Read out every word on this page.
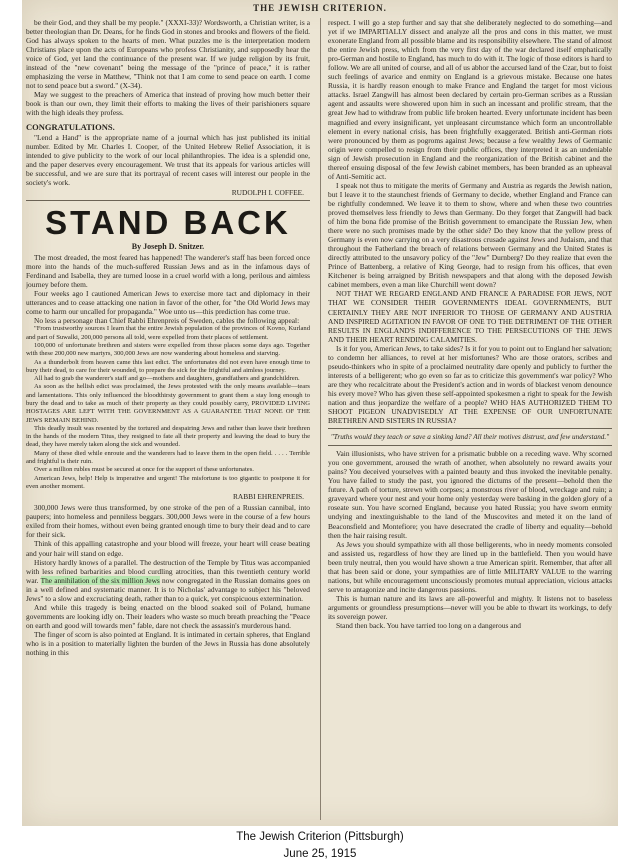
THE JEWISH CRITERION.

be their God, and they shall be my people." (XXXI-33)? Wordsworth, a Christian writer, is a better theologian than Dr. Deans, for he finds God in stones and brooks and flowers of the field. God has always spoken to the hearts of men. What puzzles me is the interpretation modern Christians place upon the acts of Europeans who profess Christianity, and supposedly hear the voice of God, yet land the continuance of the present war. If we judge religion by its fruit, instead of the "new covenant" being the message of the "prince of peace," it is rather emphasizing the verse in Matthew, "Think not that I am come to send peace on earth. I come not to send peace but a sword." (X-34).

May we suggest to the preachers of America that instead of proving how much better their book is than our own, they limit their efforts to making the lives of their parishioners square with the high ideals they profess.

CONGRATULATIONS.

"Lend a Hand" is the appropriate name of a journal which has just published its initial number. Edited by Mr. Charles I. Cooper, of the United Hebrew Relief Association, it is intended to give publicity to the work of our local philanthropies. The idea is a splendid one, and the paper deserves every encouragement. We trust that its appeals for various articles will be successful, and we are sure that its portrayal of recent cases will interest our people in the society's work.

RUDOLPH I. COFFEE.

STAND BACK

By Joseph D. Snitzer.

The most dreaded, the most feared has happened! The wanderer's staff has been forced once more into the hands of the much-suffered Russian Jews and as in the infamous days of Ferdinand and Isabella, they are turned loose in a cruel world with a long, perilous and aimless journey before them.

Four weeks ago I cautioned American Jews to exercise more tact and diplomacy in their utterances and to cease attacking one nation in favor of the other, for "the Old World Jews may come to harm our uncalled for propaganda." Woe unto us—this prediction has come true.

No less a personage than Chief Rabbi Ehrenpreis of Sweden, cables the following appeal:

"From trustworthy sources I learn that the entire Jewish population of the provinces of Kovno, Kurland and part of Suwalki, 200,000 persons all told, were expelled from their places of settlement.

100,000 of unfortunate brethren and sisters were expelled from those places some days ago. Together with these 200,000 new martyrs, 300,000 Jews are now wandering about homeless and starving.

As a thunderbolt from heaven came this last edict. The unfortunates did not even have enough time to bury their dead, to care for their wounded, to prepare the sick for the frightful and aimless journey.

All had to grab the wanderer's staff and go—mothers and daughters, grandfathers and grandchildren.

As soon as the hellish edict was proclaimed, the Jews protested with the only means available—tears and lamentations. This only influenced the bloodthirsty government to grant them a stay long enough to bury the dead and to take as much of their property as they could possibly carry, PROVIDED LIVING HOSTAGES ARE LEFT WITH THE GOVERNMENT AS A GUARANTEE THAT NONE OF THE JEWS REMAIN BEHIND.

This deadly insult was resented by the tortured and despairing Jews and rather than leave their brethren in the hands of the modern Titus, they resigned to fate all their property and leaving the dead to bury the dead, they have merely taken along the sick and wounded.

Many of these died while enroute and the wanderers had to leave them in the open field. . . . . Terrible and frightful is their ruin.

Over a million rubles must be secured at once for the support of these unfortunates.

American Jews, help! Help is imperative and urgent! The misfortune is too gigantic to postpone it for even another moment.

RABBI EHRENPREIS.

300,000 Jews were thus transformed, by one stroke of the pen of a Russian cannibal, into paupers; into homeless and penniless beggars. 300,000 Jews were in the course of a few hours exiled from their homes, without even being granted enough time to bury their dead and to care for their sick.

Think of this appalling catastrophe and your blood will freeze, your heart will cease beating and your hair will stand on edge.

History hardly knows of a parallel. The destruction of the Temple by Titus was accompanied with less refined barbarities and blood curdling atrocities, than this twentieth century world war. The annihilation of the six million Jews now congregated in the Russian domains goes on in a well defined and systematic manner. It is to Nicholas' advantage to subject his "beloved Jews" to a slow and excruciating death, rather than to a quick, yet conspicuous extermination.

And while this tragedy is being enacted on the blood soaked soil of Poland, humane governments are looking idly on. Their leaders who waste so much breath preaching the "Peace on earth and good will towards men" fable, dare not check the assassin's murderous hand.

The finger of scorn is also pointed at England. It is intimated in certain spheres, that England who is in a position to materially lighten the burden of the Jews in Russia has done absolutely nothing in this

respect. I will go a step further and say that she deliberately neglected to do something—and yet if we IMPARTIALLY dissect and analyze all the pros and cons in this matter, we must exonerate England from all possible blame and its responsibility elsewhere. The stand of almost the entire Jewish press, which from the very first day of the war declared itself emphatically pro-German and hostile to England, has much to do with it. The logic of those editors is hard to follow. We are all united of course, and all of us abhor the accursed land of the Czar, but to foist such feelings of avarice and enmity on England is a grievous mistake. Because one hates Russia, it is hardly reason enough to make France and England the target for most vicious attacks. Israel Zangwill has almost been declared by certain pro-German scribes as a Russian agent and assaults were showered upon him in such an incessant and prolific stream, that the great Jew had to withdraw from public life broken hearted. Every unfortunate incident has been magnified and every insignificant, yet unpleasant circumstance which form an uncontrollable element in every national crisis, has been frightfully exaggerated. British anti-German riots were pronounced by them as pogroms against Jews; because a few wealthy Jews of Germanic origin were compelled to resign from their public offices, they interpreted it as an undeniable sign of Jewish prosecution in England and the reorganization of the British cabinet and the thereof ensuing disposal of the few Jewish cabinet members, has been branded as an upheaval of Anti-Semitic act.

I speak not thus to mitigate the merits of Germany and Austria as regards the Jewish nation, but I leave it to the staunchest friends of Germany to decide, whether England and France can be rightfully condemned. We leave it to them to show, where and when these two countries proved themselves less friendly to Jews than Germany. Do they forget that Zangwill had back of him the bona fide promise of the British government to emancipate the Russian Jew, when there were no such promises made by the other side? Do they know that the yellow press of Germany is even now carrying on a very disastrous crusade against Jews and Judaism, and that throughout the Fatherland the breach of relations between Germany and the United States is directly attributed to the unsavory policy of the "Jew" Durnberg? Do they realize that even the Prince of Battenberg, a relative of King George, had to resign from his offices, that even Kitchener is being arraigned by British newspapers and that along with the deposed Jewish cabinet members, even a man like Churchill went down?

NOT THAT WE REGARD ENGLAND AND FRANCE A PARADISE FOR JEWS, NOT THAT WE CONSIDER THEIR GOVERNMENTS IDEAL GOVERNMENTS, BUT CERTAINLY THEY ARE NOT INFERIOR TO THOSE OF GERMANY AND AUSTRIA AND INSPIRED AGITATION IN FAVOR OF ONE TO THE DETRIMENT OF THE OTHER RESULTS IN ENGLAND'S INDIFFERENCE TO THE PERSECUTIONS OF THE JEWS AND THEIR HEART RENDING CALAMITIES.

Is it for you, American Jews, to take sides? Is it for you to point out to England her salvation; to condemn her alliances, to revel at her misfortunes? Who are those orators, scribes and pseudo-thinkers who in spite of a proclaimed neutrality dare openly and publicly to further the interests of a belligerent; who go even so far as to criticize this government's war policy? Who are they who recalcitrate about the President's action and in words of blackest venom denounce his every move? Who has given these self-appointed spokesmen a right to speak for the Jewish nation and thus jeopardize the welfare of a people? WHO HAS AUTHORIZED THEM TO SHOOT PIGEON UNADVISEDLY AT THE EXPENSE OF OUR UNFORTUNATE BRETHREN AND SISTERS IN RUSSIA?

"Truths would they teach or save a sinking land? All their motives distrust, and few understand."

Vain illusionists, who have striven for a prismatic bubble on a receding wave. Why scorned you one government, aroused the wrath of another, when absolutely no reward awaits your pains? You deceived yourselves with a painted beauty and thus invoked the inevitable penalty. You have failed to study the past, you ignored the dictums of the present—behold then the future. A path of torture, strewn with corpses; a monstrous river of blood, wreckage and ruin; a graveyard where your nest and your home only yesterday were basking in the golden glory of a roseate sun. You have scorned England, because you hated Russia; you have sworn enmity undying and inextinguishable to the land of the Muscovites and meted it on the land of Beaconsfield and Montefiore; you have desecrated the cradle of liberty and equality—behold then the hair raising result.

As Jews you should sympathize with all those belligerents, who in needy moments consoled and assisted us, regardless of how they are lined up in the battlefield. Then you would have been truly neutral, then you would have shown a true American spirit. Remember, that after all that has been said or done, your sympathies are of little MILITARY VALUE to the warring nations, but while encouragement unconsciously promotes mutual appreciation, vicious attacks serve to antagonize and incite dangerous passions.

This is human nature and its laws are all-powerful and mighty. It listens not to baseless arguments or groundless presumptions—never will you be able to thwart its workings, to defy its sovereign power.

Stand then back. You have tarried too long on a dangerous and

The Jewish Criterion (Pittsburgh)
June 25, 1915
